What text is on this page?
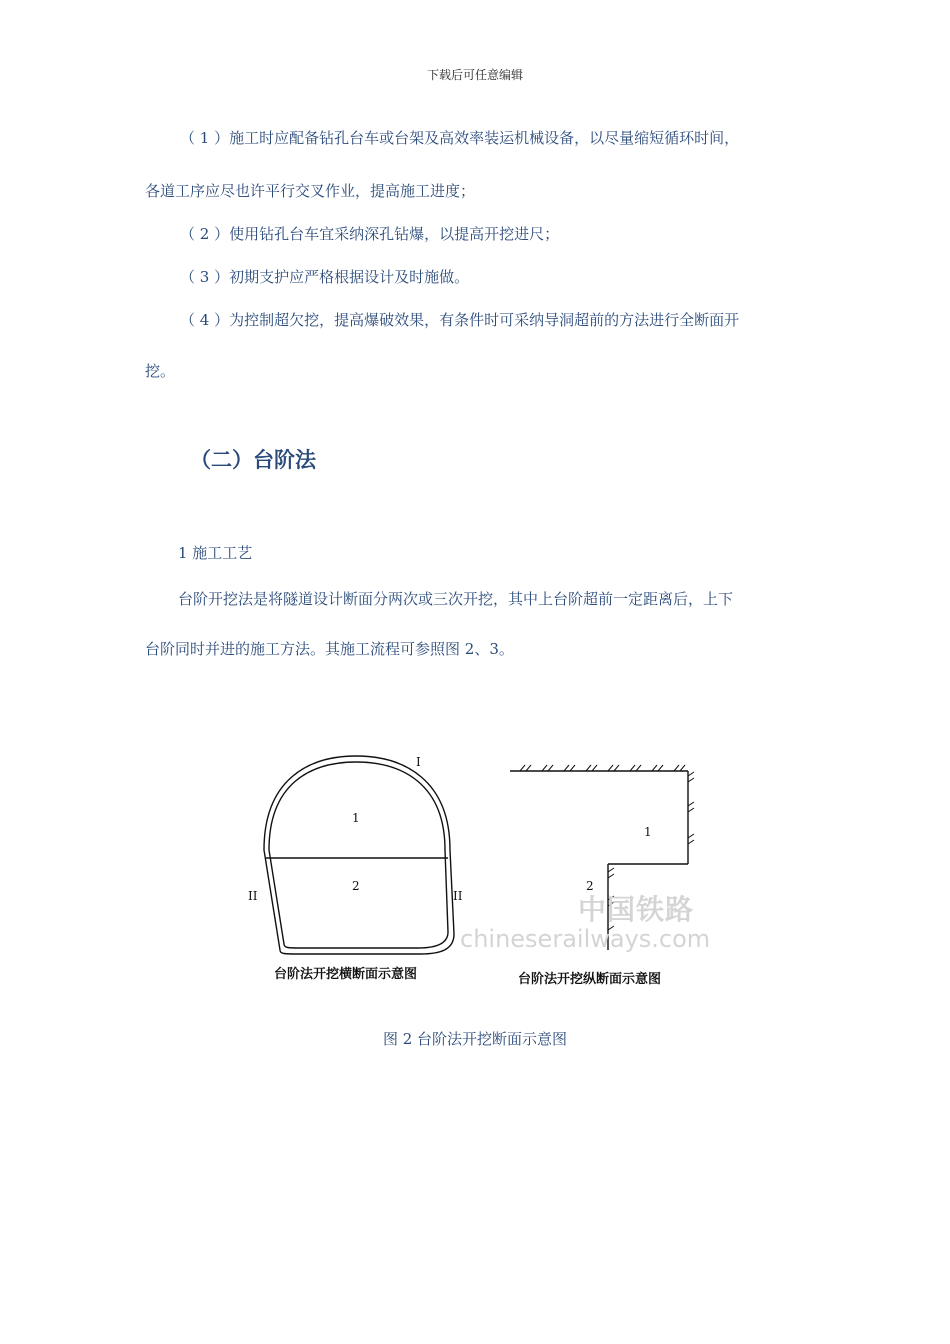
下载后可任意编辑
（ 1 ）施工时应配备钻孔台车或台架及高效率装运机械设备，以尽量缩短循环时间，
各道工序应尽也许平行交叉作业，提高施工进度；
（ 2 ）使用钻孔台车宜采纳深孔钻爆，以提高开挖进尺；
（ 3 ）初期支护应严格根据设计及时施做。
（ 4 ）为控制超欠挖，提高爆破效果，有条件时可采纳导洞超前的方法进行全断面开
挖。
（二）台阶法
1 施工工艺
台阶开挖法是将隧道设计断面分两次或三次开挖，其中上台阶超前一定距离后，上下
台阶同时并进的施工方法。其施工流程可参照图 2、3。
I
1
2
II	II
1
2
中国铁路
chineserailways.com
台阶法开挖横断面示意图	台阶法开挖纵断面示意图
图 2 台阶法开挖断面示意图
